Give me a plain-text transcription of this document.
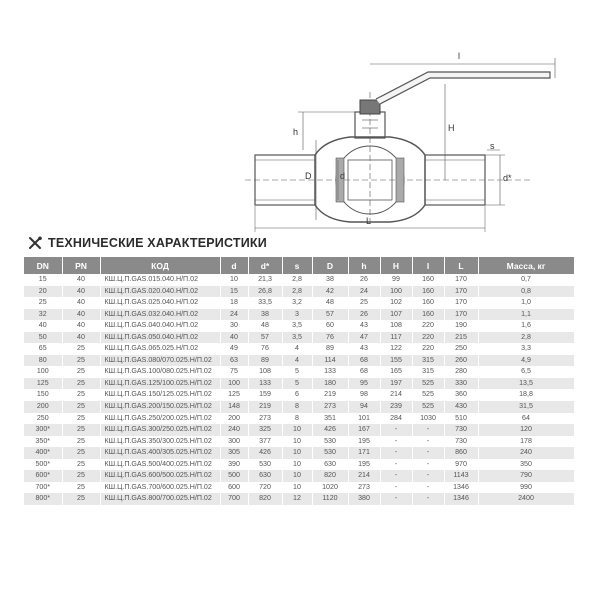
l
h	H
s
d*
D	d
L
ТЕХНИЧЕСКИЕ ХАРАКТЕРИСТИКИ
DN	PN	КОД	d	d*	s	D	h	H	l	L	Масса, кг
15	40	КШ.Ц.П.GAS.015.040.Н/П.02	10	21,3	2,8	38	26	99	160	170	0,7
20	40	КШ.Ц.П.GAS.020.040.Н/П.02	15	26,8	2,8	42	24	100	160	170	0,8
25	40	КШ.Ц.П.GAS.025.040.Н/П.02	18	33,5	3,2	48	25	102	160	170	1,0
32	40	КШ.Ц.П.GAS.032.040.Н/П.02	24	38	3	57	26	107	160	170	1,1
40	40	КШ.Ц.П.GAS.040.040.Н/П.02	30	48	3,5	60	43	108	220	190	1,6
50	40	КШ.Ц.П.GAS.050.040.Н/П.02	40	57	3,5	76	47	117	220	215	2,8
65	25	КШ.Ц.П.GAS.065.025.Н/П.02	49	76	4	89	43	122	220	250	3,3
80	25	КШ.Ц.П.GAS.080/070.025.Н/П.02	63	89	4	114	68	155	315	260	4,9
100	25	КШ.Ц.П.GAS.100/080.025.Н/П.02	75	108	5	133	68	165	315	280	6,5
125	25	КШ.Ц.П.GAS.125/100.025.Н/П.02	100	133	5	180	95	197	525	330	13,5
150	25	КШ.Ц.П.GAS.150/125.025.Н/П.02	125	159	6	219	98	214	525	360	18,8
200	25	КШ.Ц.П.GAS.200/150.025.Н/П.02	148	219	8	273	94	239	525	430	31,5
250	25	КШ.Ц.П.GAS.250/200.025.Н/П.02	200	273	8	351	101	284	1030	510	64
300*	25	КШ.Ц.П.GAS.300/250.025.Н/П.02	240	325	10	426	167	-	-	730	120
350*	25	КШ.Ц.П.GAS.350/300.025.Н/П.02	300	377	10	530	195	-	-	730	178
400*	25	КШ.Ц.П.GAS.400/305.025.Н/П.02	305	426	10	530	171	-	-	860	240
500*	25	КШ.Ц.П.GAS.500/400.025.Н/П.02	390	530	10	630	195	-	-	970	350
600*	25	КШ.Ц.П.GAS.600/500.025.Н/П.02	500	630	10	820	214	-	-	1143	790
700*	25	КШ.Ц.П.GAS.700/600.025.Н/П.02	600	720	10	1020	273	-	-	1346	990
800*	25	КШ.Ц.П.GAS.800/700.025.Н/П.02	700	820	12	1120	380	-	-	1346	2400
